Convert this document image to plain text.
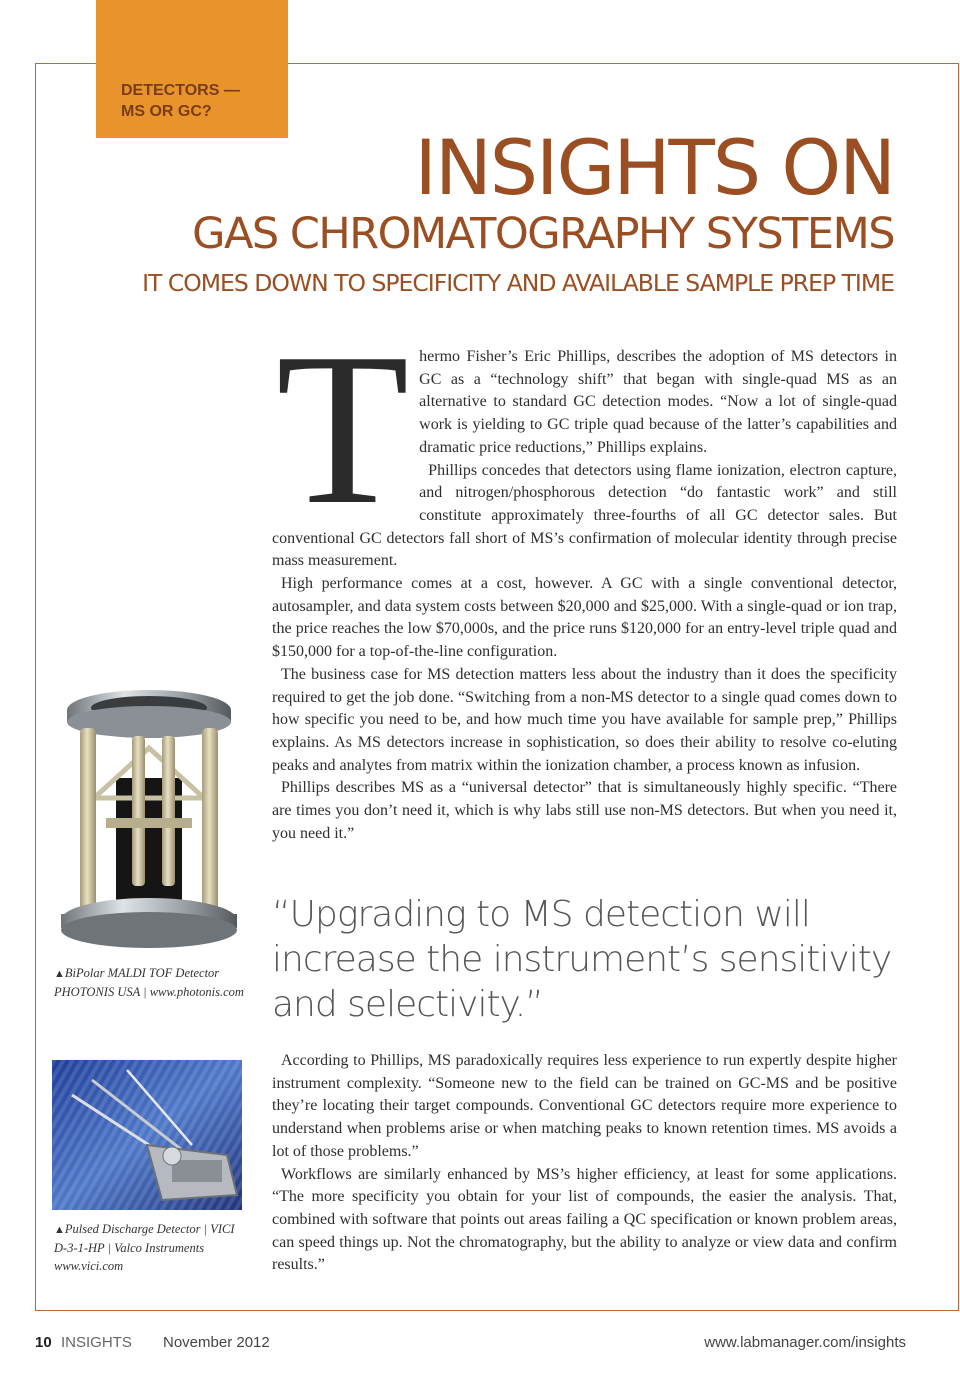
DETECTORS —
MS OR GC?
INSIGHTS ON
GAS CHROMATOGRAPHY SYSTEMS
IT COMES DOWN TO SPECIFICITY AND AVAILABLE SAMPLE PREP TIME
T hermo Fisher’s Eric Phillips, describes the adoption of MS detectors in GC as a “technology shift” that began with single-quad MS as an alternative to standard GC detection modes. “Now a lot of single-quad work is yielding to GC triple quad because of the latter’s capabilities and dramatic price reductions,” Phillips explains.

Phillips concedes that detectors using flame ionization, electron capture, and nitrogen/phosphorous detection “do fantastic work” and still constitute approximately three-fourths of all GC detector sales. But conventional GC detectors fall short of MS’s confirmation of molecular identity through precise mass measurement.

High performance comes at a cost, however. A GC with a single conventional detector, autosampler, and data system costs between $20,000 and $25,000. With a single-quad or ion trap, the price reaches the low $70,000s, and the price runs $120,000 for an entry-level triple quad and $150,000 for a top-of-the-line configuration.

The business case for MS detection matters less about the industry than it does the specificity required to get the job done. “Switching from a non-MS detector to a single quad comes down to how specific you need to be, and how much time you have available for sample prep,” Phillips explains. As MS detectors increase in sophistication, so does their ability to resolve co-eluting peaks and analytes from matrix within the ionization chamber, a process known as infusion.

Phillips describes MS as a “universal detector” that is simultaneously highly specific. “There are times you don’t need it, which is why labs still use non-MS detectors. But when you need it, you need it.”

“Upgrading to MS detection will increase the instrument’s sensitivity and selectivity.”

According to Phillips, MS paradoxically requires less experience to run expertly despite higher instrument complexity. “Someone new to the field can be trained on GC-MS and be positive they’re locating their target compounds. Conventional GC detectors require more experience to understand when problems arise or when matching peaks to known retention times. MS avoids a lot of those problems.”

Workflows are similarly enhanced by MS’s higher efficiency, at least for some applications. “The more specificity you obtain for your list of compounds, the easier the analysis. That, combined with software that points out areas failing a QC specification or known problem areas, can speed things up. Not the chromatography, but the ability to analyze or view data and confirm results.”

▲BiPolar MALDI TOF Detector
PHOTONIS USA | www.photonis.com
▲Pulsed Discharge Detector | VICI
D-3-1-HP | Valco Instruments
www.vici.com
10 INSIGHTS November 2012	www.labmanager.com/insights
